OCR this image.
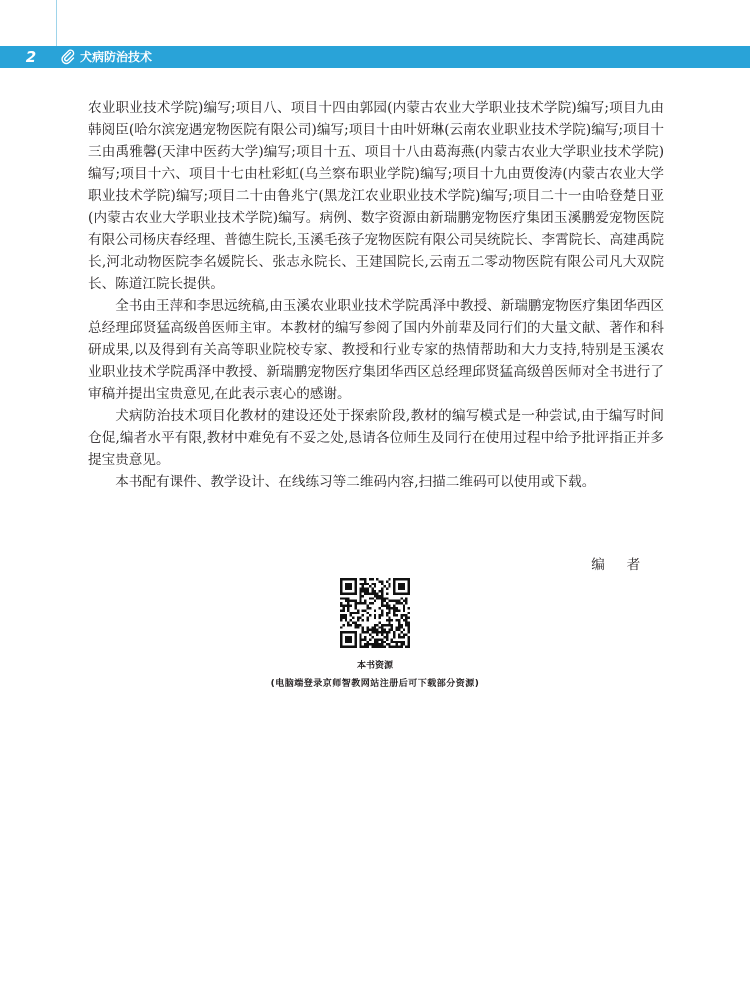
2	犬病防治技术

农业职业技术学院)编写;项目八、项目十四由郭园(内蒙古农业大学职业技术学院)编写;项目九由韩阅臣(哈尔滨宠遇宠物医院有限公司)编写;项目十由叶妍琳(云南农业职业技术学院)编写;项目十三由禹雅馨(天津中医药大学)编写;项目十五、项目十八由葛海燕(内蒙古农业大学职业技术学院)编写;项目十六、项目十七由杜彩虹(乌兰察布职业学院)编写;项目十九由贾俊涛(内蒙古农业大学职业技术学院)编写;项目二十由鲁兆宁(黑龙江农业职业技术学院)编写;项目二十一由哈登楚日亚(内蒙古农业大学职业技术学院)编写。病例、数字资源由新瑞鹏宠物医疗集团玉溪鹏爱宠物医院有限公司杨庆春经理、普德生院长,玉溪毛孩子宠物医院有限公司吴统院长、李霄院长、高建禹院长,河北动物医院李名媛院长、张志永院长、王建国院长,云南五二零动物医院有限公司凡大双院长、陈道江院长提供。

全书由王萍和李思远统稿,由玉溪农业职业技术学院禹泽中教授、新瑞鹏宠物医疗集团华西区总经理邱贤猛高级兽医师主审。本教材的编写参阅了国内外前辈及同行们的大量文献、著作和科研成果,以及得到有关高等职业院校专家、教授和行业专家的热情帮助和大力支持,特别是玉溪农业职业技术学院禹泽中教授、新瑞鹏宠物医疗集团华西区总经理邱贤猛高级兽医师对全书进行了审稿并提出宝贵意见,在此表示衷心的感谢。

犬病防治技术项目化教材的建设还处于探索阶段,教材的编写模式是一种尝试,由于编写时间仓促,编者水平有限,教材中难免有不妥之处,恳请各位师生及同行在使用过程中给予批评指正并多提宝贵意见。

本书配有课件、教学设计、在线练习等二维码内容,扫描二维码可以使用或下载。

编者
本书资源
(电脑端登录京师智教网站注册后可下载部分资源)
